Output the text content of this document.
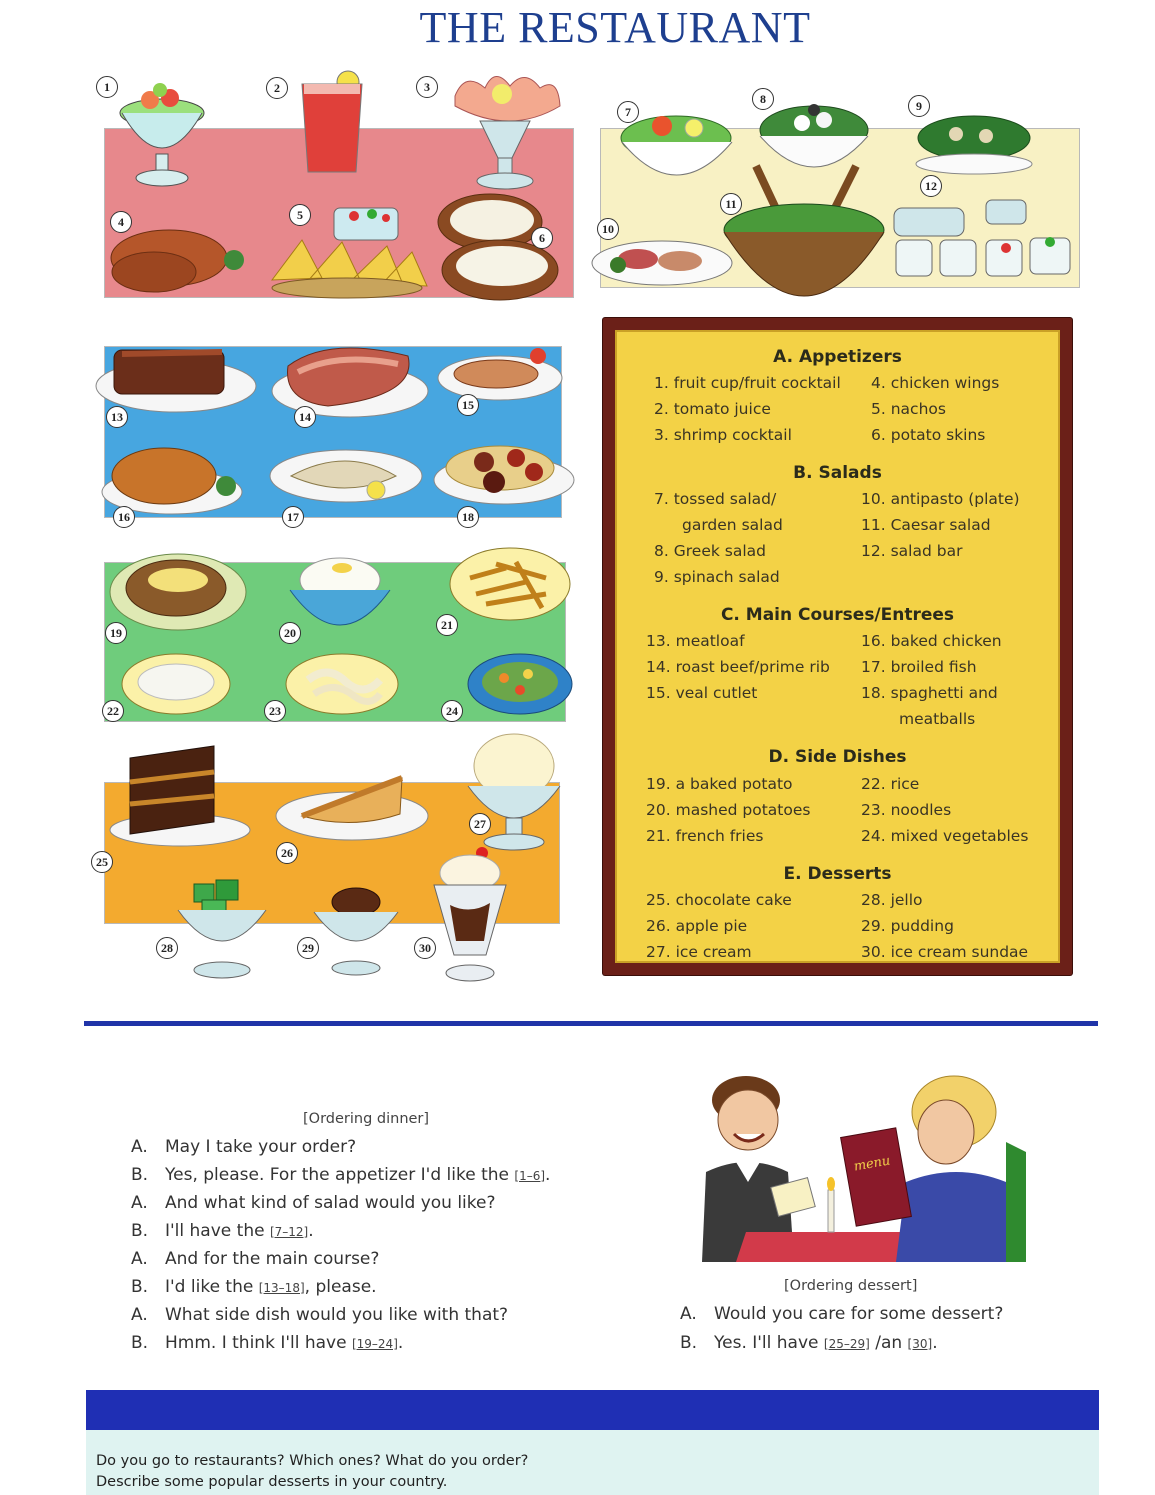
THE RESTAURANT
1	2	3
4	5
6
7
8	9
10
11
12
13	14
15
16	17	18
19	20
21
22	23	24
25
26
27
28	29	30
A. Appetizers
1. fruit cup/fruit cocktail 4. chicken wings
2. tomato juice	5. nachos
3. shrimp cocktail	6. potato skins
B. Salads
7. tossed salad/	10. antipasto (plate)
garden salad	11. Caesar salad
8. Greek salad	12. salad bar
9. spinach salad
C. Main Courses/Entrees
13. meatloaf	16. baked chicken
14. roast beef/prime rib 17. broiled fish
15. veal cutlet	18. spaghetti and
meatballs
D. Side Dishes
19. a baked potato	22. rice
20. mashed potatoes	23. noodles
21. french fries	24. mixed vegetables
E. Desserts
25. chocolate cake	28. jello
26. apple pie	29. pudding
27. ice cream	30. ice cream sundae
[Ordering dinner]
A. May I take your order?
B. Yes, please. For the appetizer I'd like the [1–6].
A. And what kind of salad would you like?
B. I'll have the [7–12].
A. And for the main course?
B. I'd like the [13–18], please.
A. What side dish would you like with that?
B. Hmm. I think I'll have [19–24].
menu
[Ordering dessert]
A. Would you care for some dessert?
B. Yes. I'll have [25–29] /an [30].
Do you go to restaurants? Which ones? What do you order?
Describe some popular desserts in your country.
